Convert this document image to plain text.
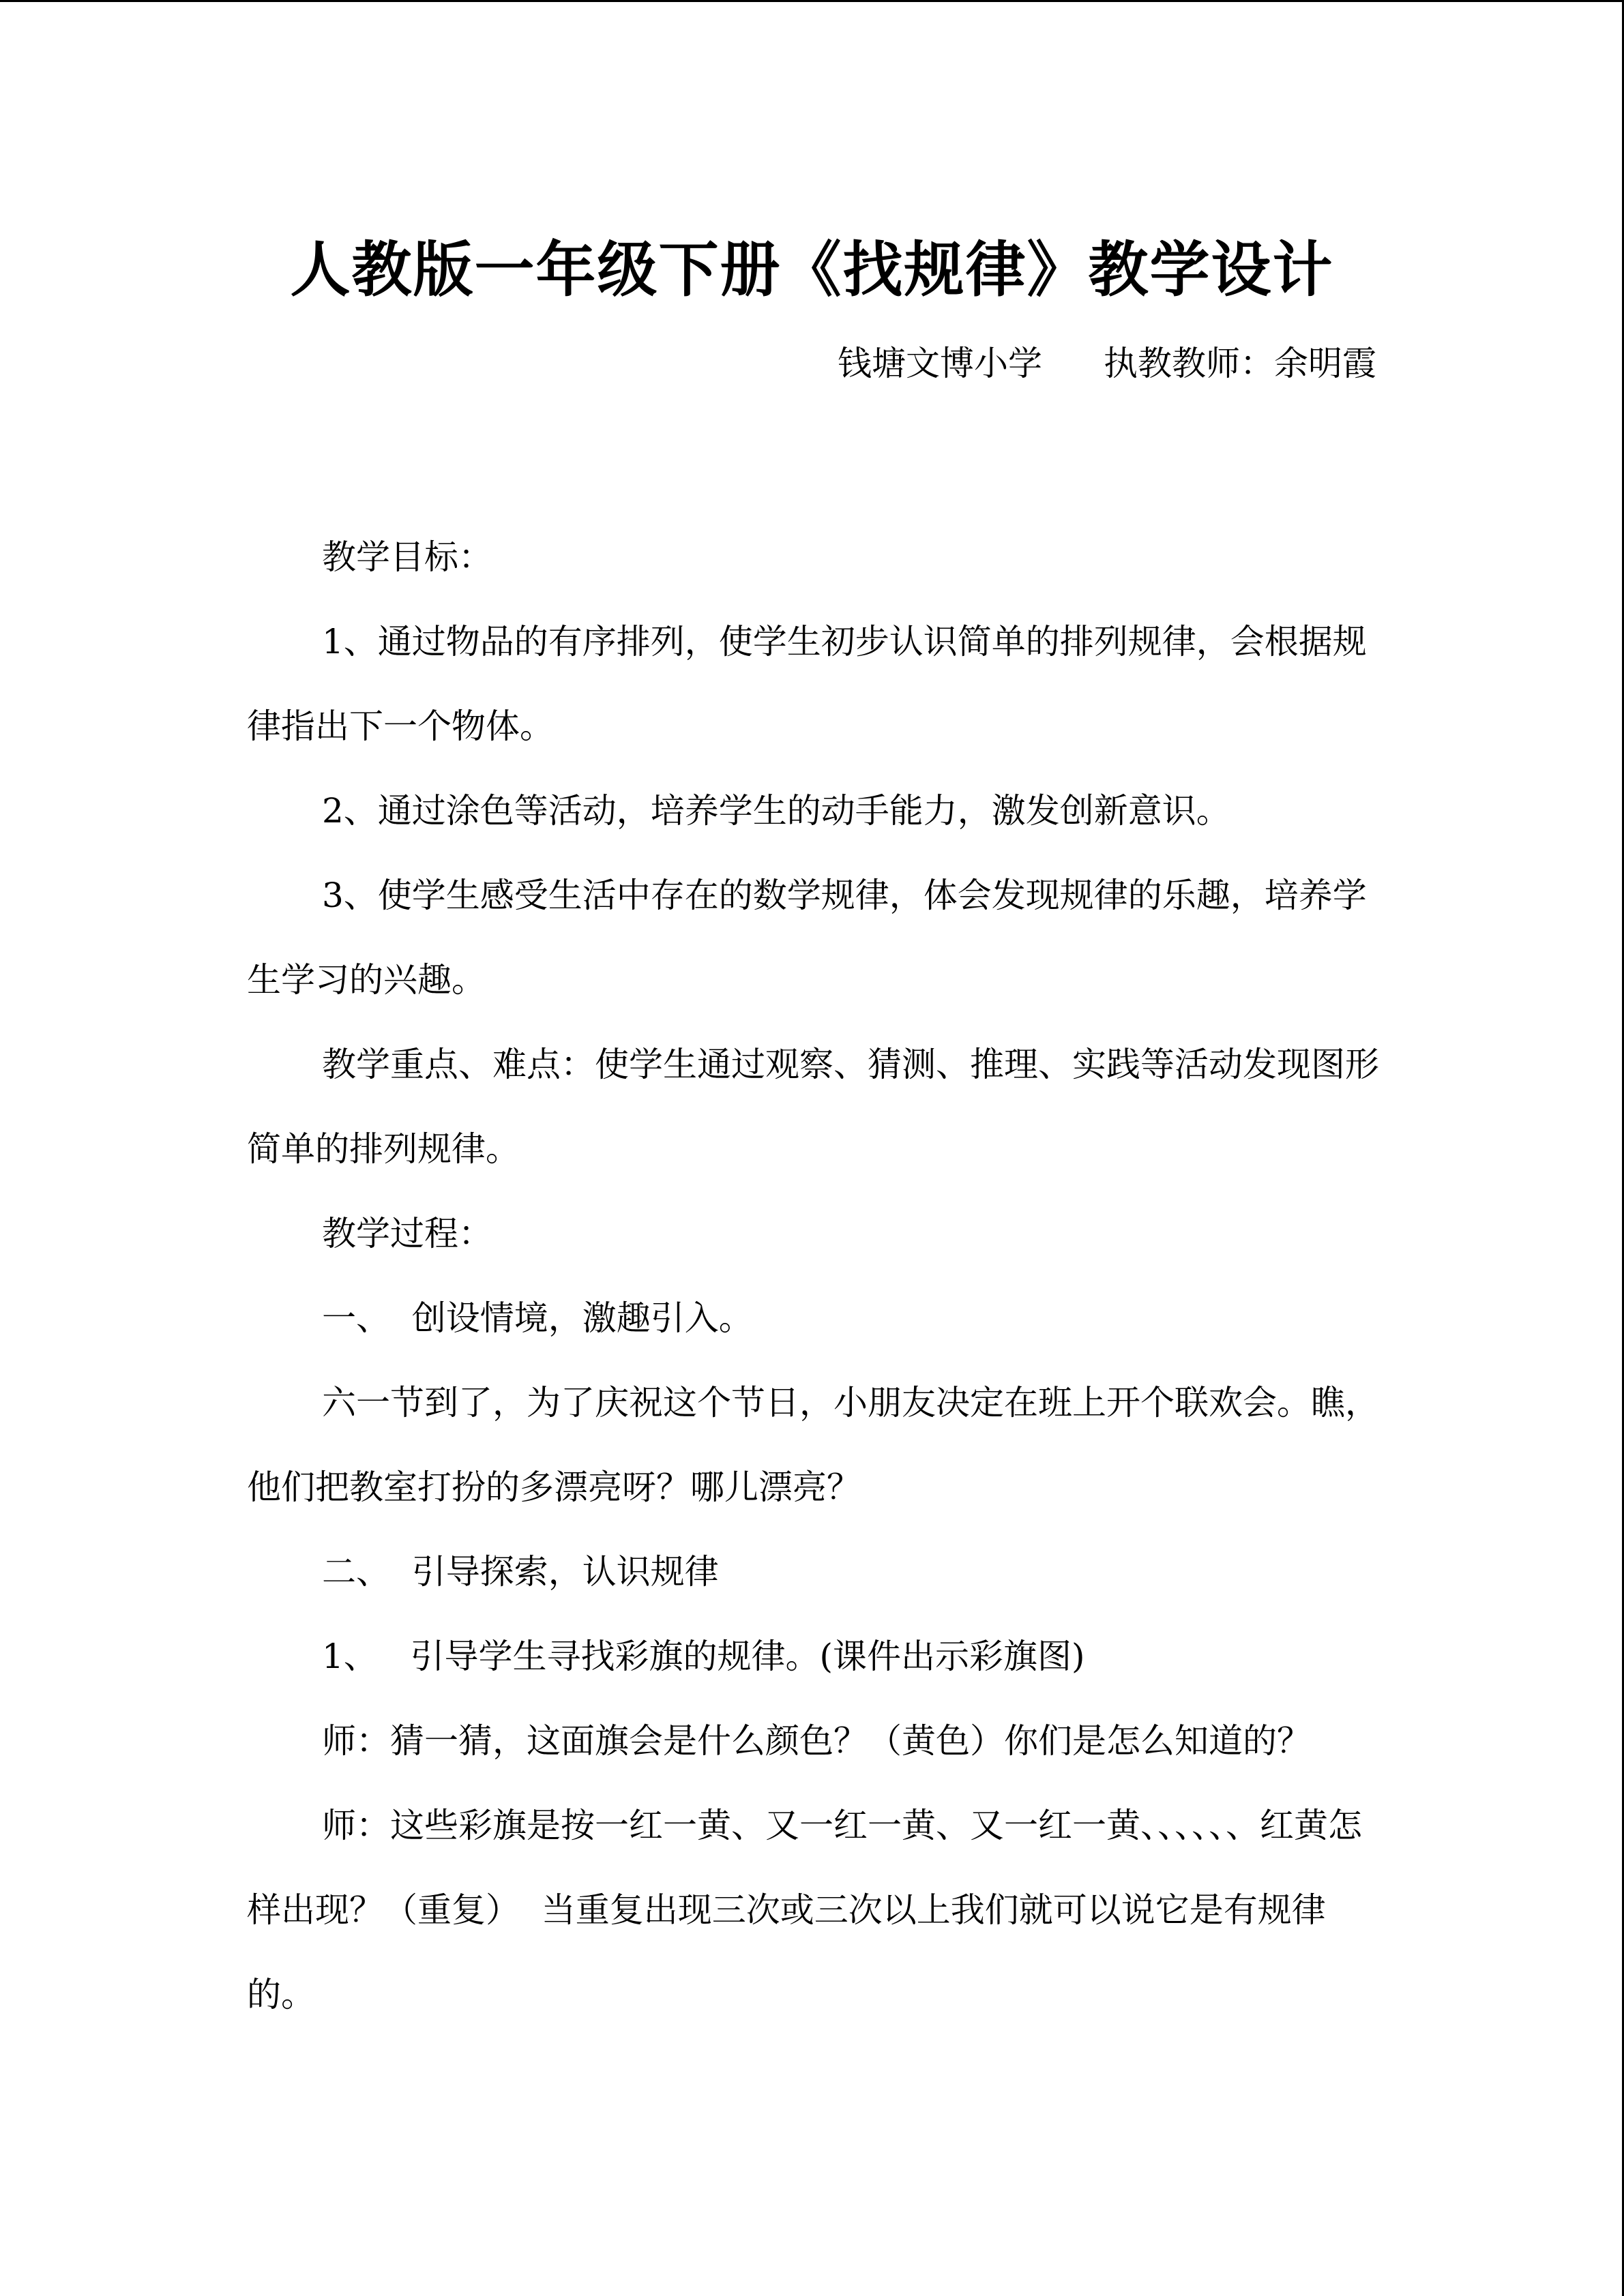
人教版一年级下册《找规律》教学设计
钱塘文博小学 执教教师：余明霞

教学目标：

1、通过物品的有序排列，使学生初步认识简单的排列规律，会根据规律指出下一个物体。

2、通过涂色等活动，培养学生的动手能力，激发创新意识。

3、使学生感受生活中存在的数学规律，体会发现规律的乐趣，培养学生学习的兴趣。

教学重点、难点：使学生通过观察、猜测、推理、实践等活动发现图形简单的排列规律。

教学过程：

一、  创设情境，激趣引入。

六一节到了，为了庆祝这个节日，小朋友决定在班上开个联欢会。瞧，他们把教室打扮的多漂亮呀？哪儿漂亮？

二、  引导探索，认识规律

1、   引导学生寻找彩旗的规律。(课件出示彩旗图)

师：猜一猜，这面旗会是什么颜色？（黄色）你们是怎么知道的？

师：这些彩旗是按一红一黄、又一红一黄、又一红一黄、、、、、、红黄怎样出现？（重复）  当重复出现三次或三次以上我们就可以说它是有规律的。
